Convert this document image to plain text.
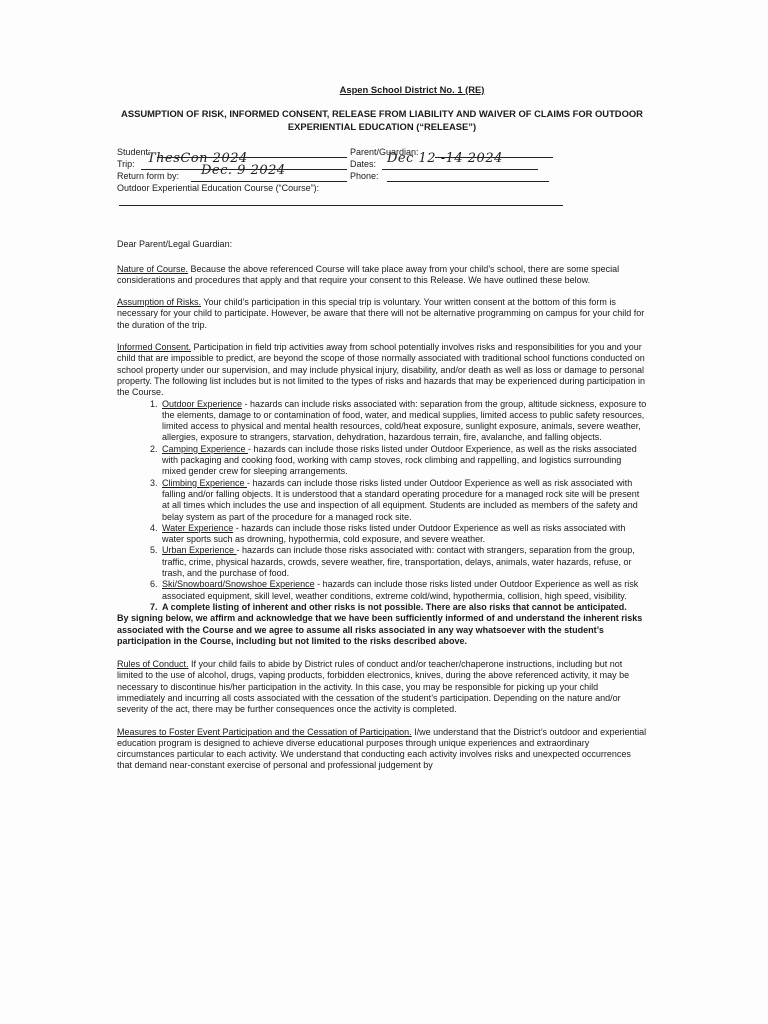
Aspen School District No. 1 (RE)
ASSUMPTION OF RISK, INFORMED CONSENT, RELEASE FROM LIABILITY AND WAIVER OF CLAIMS FOR OUTDOOR EXPERIENTIAL EDUCATION (“RELEASE”)
Student:	Parent/Guardian:
Trip: ThesCon 2024	Dates: Dec 12 -14 2024
Return form by: Dec. 9 2024	Phone:
Outdoor Experiential Education Course (“Course”):
Dear Parent/Legal Guardian:

Nature of Course. Because the above referenced Course will take place away from your child’s school, there are some special considerations and procedures that apply and that require your consent to this Release. We have outlined these below.

Assumption of Risks. Your child’s participation in this special trip is voluntary. Your written consent at the bottom of this form is necessary for your child to participate. However, be aware that there will not be alternative programming on campus for your child for the duration of the trip.

Informed Consent. Participation in field trip activities away from school potentially involves risks and responsibilities for you and your child that are impossible to predict, are beyond the scope of those normally associated with traditional school functions conducted on school property under our supervision, and may include physical injury, disability, and/or death as well as loss or damage to personal property. The following list includes but is not limited to the types of risks and hazards that may be experienced during participation in the Course.

1. Outdoor Experience - hazards can include risks associated with: separation from the group, altitude sickness, exposure to the elements, damage to or contamination of food, water, and medical supplies, limited access to public safety resources, limited access to physical and mental health resources, cold/heat exposure, sunlight exposure, animals, severe weather, allergies, exposure to strangers, starvation, dehydration, hazardous terrain, fire, avalanche, and falling objects.
2. Camping Experience - hazards can include those risks listed under Outdoor Experience, as well as the risks associated with packaging and cooking food, working with camp stoves, rock climbing and rappelling, and logistics surrounding mixed gender crew for sleeping arrangements.
3. Climbing Experience - hazards can include those risks listed under Outdoor Experience as well as risk associated with falling and/or falling objects. It is understood that a standard operating procedure for a managed rock site will be present at all times which includes the use and inspection of all equipment. Students are included as members of the safety and belay system as part of the procedure for a managed rock site.
4. Water Experience - hazards can include those risks listed under Outdoor Experience as well as risks associated with water sports such as drowning, hypothermia, cold exposure, and severe weather.
5. Urban Experience - hazards can include those risks associated with: contact with strangers, separation from the group, traffic, crime, physical hazards, crowds, severe weather, fire, transportation, delays, animals, water hazards, refuse, or trash, and the purchase of food.
6. Ski/Snowboard/Snowshoe Experience - hazards can include those risks listed under Outdoor Experience as well as risk associated equipment, skill level, weather conditions, extreme cold/wind, hypothermia, collision, high speed, visibility.
7. A complete listing of inherent and other risks is not possible. There are also risks that cannot be anticipated.

By signing below, we affirm and acknowledge that we have been sufficiently informed of and understand the inherent risks associated with the Course and we agree to assume all risks associated in any way whatsoever with the student’s participation in the Course, including but not limited to the risks described above.

Rules of Conduct. If your child fails to abide by District rules of conduct and/or teacher/chaperone instructions, including but not limited to the use of alcohol, drugs, vaping products, forbidden electronics, knives, during the above referenced activity, it may be necessary to discontinue his/her participation in the activity. In this case, you may be responsible for picking up your child immediately and incurring all costs associated with the cessation of the student’s participation. Depending on the nature and/or severity of the act, there may be further consequences once the activity is completed.

Measures to Foster Event Participation and the Cessation of Participation. I/we understand that the District’s outdoor and experiential education program is designed to achieve diverse educational purposes through unique experiences and extraordinary circumstances particular to each activity. We understand that conducting each activity involves risks and unexpected occurrences that demand near-constant exercise of personal and professional judgement by
